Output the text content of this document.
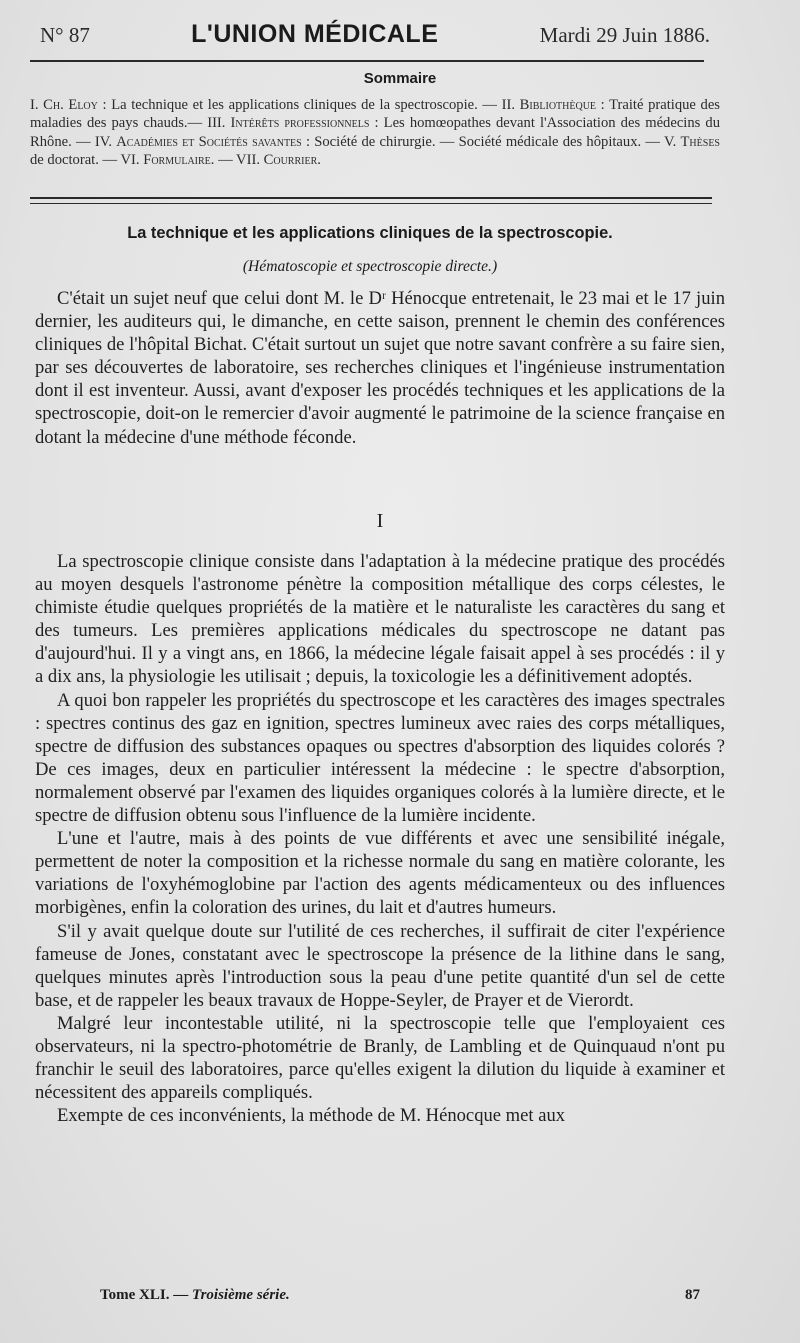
N° 87	L'UNION MÉDICALE	Mardi 29 Juin 1886.
Sommaire
I. Ch. Eloy : La technique et les applications cliniques de la spectroscopie. — II. Bibliothèque : Traité pratique des maladies des pays chauds.— III. Intérêts professionnels : Les homœopathes devant l'Association des médecins du Rhône. — IV. Académies et Sociétés savantes : Société de chirurgie. — Société médicale des hôpitaux. — V. Thèses de doctorat. — VI. Formulaire. — VII. Courrier.
La technique et les applications cliniques de la spectroscopie.
(Hématoscopie et spectroscopie directe.)

C'était un sujet neuf que celui dont M. le Dʳ Hénocque entretenait, le 23 mai et le 17 juin dernier, les auditeurs qui, le dimanche, en cette saison, prennent le chemin des conférences cliniques de l'hôpital Bichat. C'était surtout un sujet que notre savant confrère a su faire sien, par ses découvertes de laboratoire, ses recherches cliniques et l'ingénieuse instrumentation dont il est inventeur. Aussi, avant d'exposer les procédés techniques et les applications de la spectroscopie, doit-on le remercier d'avoir augmenté le patrimoine de la science française en dotant la médecine d'une méthode féconde.

I

La spectroscopie clinique consiste dans l'adaptation à la médecine pratique des procédés au moyen desquels l'astronome pénètre la composition métallique des corps célestes, le chimiste étudie quelques propriétés de la matière et le naturaliste les caractères du sang et des tumeurs. Les premières applications médicales du spectroscope ne datant pas d'aujourd'hui. Il y a vingt ans, en 1866, la médecine légale faisait appel à ses procédés : il y a dix ans, la physiologie les utilisait ; depuis, la toxicologie les a définitivement adoptés.

A quoi bon rappeler les propriétés du spectroscope et les caractères des images spectrales : spectres continus des gaz en ignition, spectres lumineux avec raies des corps métalliques, spectre de diffusion des substances opaques ou spectres d'absorption des liquides colorés ? De ces images, deux en particulier intéressent la médecine : le spectre d'absorption, normalement observé par l'examen des liquides organiques colorés à la lumière directe, et le spectre de diffusion obtenu sous l'influence de la lumière incidente.

L'une et l'autre, mais à des points de vue différents et avec une sensibilité inégale, permettent de noter la composition et la richesse normale du sang en matière colorante, les variations de l'oxyhémoglobine par l'action des agents médicamenteux ou des influences morbigènes, enfin la coloration des urines, du lait et d'autres humeurs.

S'il y avait quelque doute sur l'utilité de ces recherches, il suffirait de citer l'expérience fameuse de Jones, constatant avec le spectroscope la présence de la lithine dans le sang, quelques minutes après l'introduction sous la peau d'une petite quantité d'un sel de cette base, et de rappeler les beaux travaux de Hoppe-Seyler, de Prayer et de Vierordt.

Malgré leur incontestable utilité, ni la spectroscopie telle que l'employaient ces observateurs, ni la spectro-photométrie de Branly, de Lambling et de Quinquaud n'ont pu franchir le seuil des laboratoires, parce qu'elles exigent la dilution du liquide à examiner et nécessitent des appareils compliqués.

Exempte de ces inconvénients, la méthode de M. Hénocque met aux

Tome XLI. — Troisième série.	87
